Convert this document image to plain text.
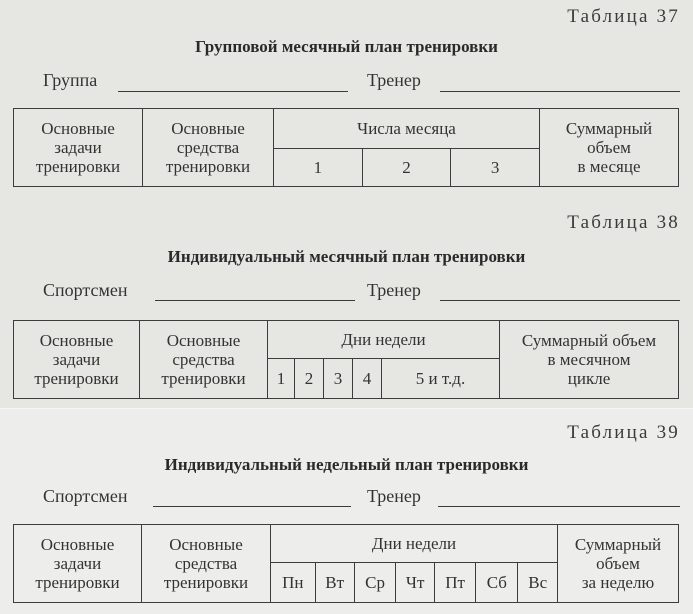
Таблица 37
Групповой месячный план тренировки
Группа	Тренер
Основные
задачи
тренировки	Основные
средства
тренировки	Числа месяца			Суммарный
объем
в месяце
		1	2	3	
Таблица 38
Индивидуальный месячный план тренировки
Спортсмен	Тренер
Основные
задачи
тренировки	Основные
средства
тренировки	Дни недели					Суммарный объем
в месячном
цикле
		1	2	3	4	5 и т.д.	
Таблица 39
Индивидуальный недельный план тренировки
Спортсмен	Тренер
Основные
задачи
тренировки	Основные
средства
тренировки	Дни недели							Суммарный
объем
за неделю
		Пн	Вт	Ср	Чт	Пт	Сб	Вс	
